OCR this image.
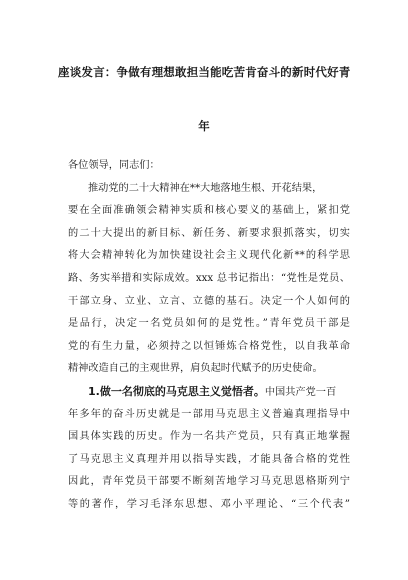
座谈发言：争做有理想敢担当能吃苦肯奋斗的新时代好青
年
各位领导，同志们：
推动党的二十大精神在**大地落地生根、开花结果，
要在全面准确领会精神实质和核心要义的基础上，紧扣党
的二十大提出的新目标、新任务、新要求狠抓落实，切实
将大会精神转化为加快建设社会主义现代化新**的科学思
路、务实举措和实际成效。xxx 总书记指出：“党性是党员、
干部立身、立业、立言、立德的基石。决定一个人如何的
是品行，决定一名党员如何的是党性。”青年党员干部是
党的有生力量，必须持之以恒锤炼合格党性，以自我革命
精神改造自己的主观世界，肩负起时代赋予的历史使命。
1.做一名彻底的马克思主义觉悟者。中国共产党一百
年多年的奋斗历史就是一部用马克思主义普遍真理指导中
国具体实践的历史。作为一名共产党员，只有真正地掌握
了马克思主义真理并用以指导实践，才能具备合格的党性
因此，青年党员干部要不断刻苦地学习马克思恩格斯列宁
等的著作，学习毛泽东思想、邓小平理论、“三个代表”
